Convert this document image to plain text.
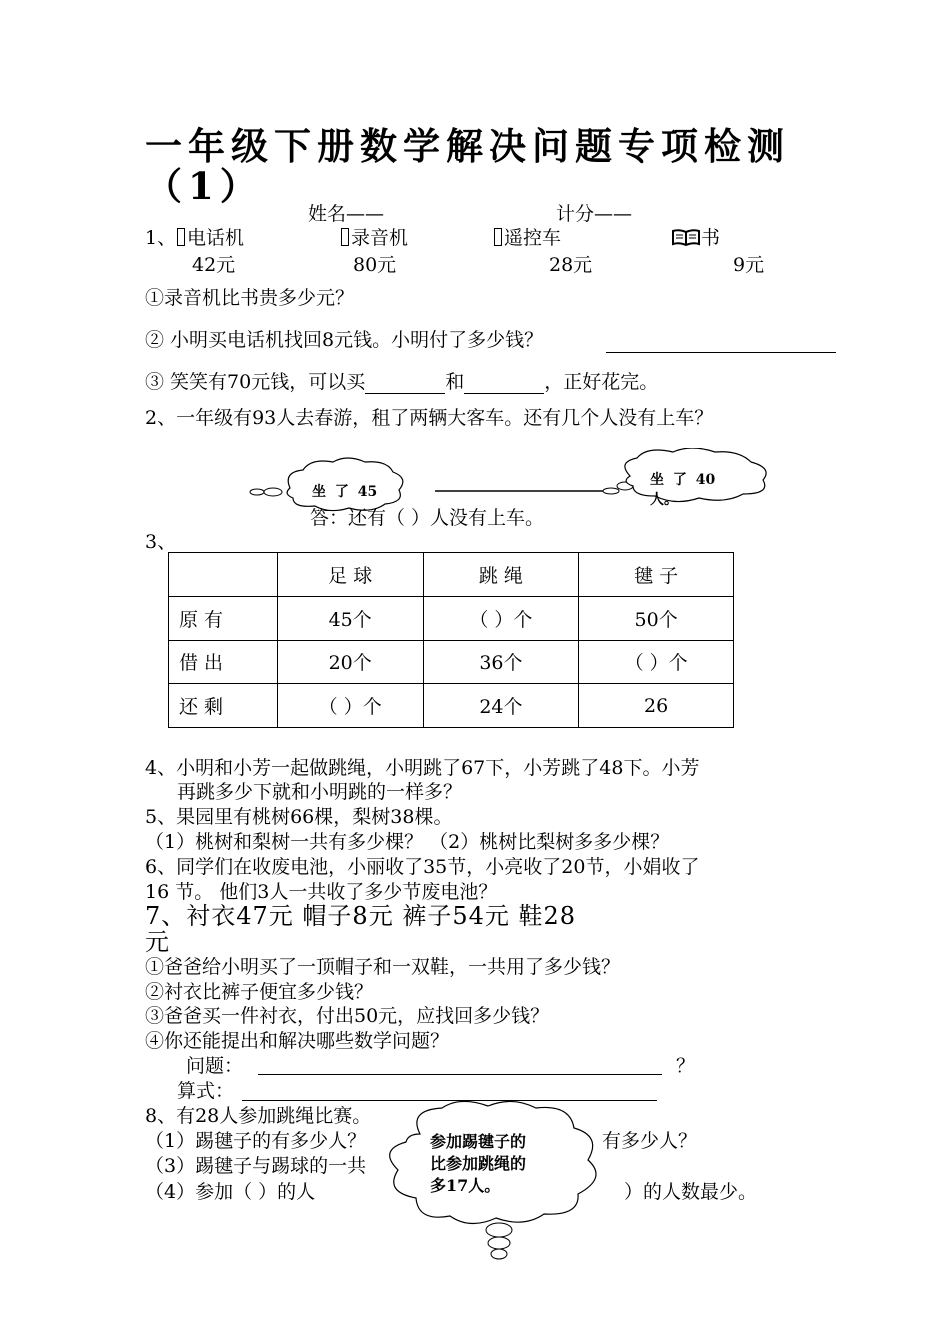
一年级下册数学解决问题专项检测
（1）
姓名——	计分——
1、 电话机	录音机	遥控车	书
42元	80元	28元	9元
①录音机比书贵多少元？
② 小明买电话机找回8元钱。小明付了多少钱？
③ 笑笑有70元钱，可以买	和	，正好花完。
2、一年级有93人去春游，租了两辆大客车。还有几个人没有上车？
坐 了 45
坐 了 40
人。
答：还有（ ）人没有上车。
3、
	足 球	跳 绳	毽 子
原 有	45个	（ ）个	50个
借 出	20个	36个	（ ）个
还 剩	（ ）个	24个	26
4、小明和小芳一起做跳绳，小明跳了67下，小芳跳了48下。小芳
再跳多少下就和小明跳的一样多？
5、果园里有桃树66棵，梨树38棵。
（1）桃树和梨树一共有多少棵？ （2）桃树比梨树多多少棵？
6、同学们在收废电池，小丽收了35节，小亮收了20节，小娟收了
16 节。 他们3人一共收了多少节废电池？
7、衬衣47元 帽子8元 裤子54元 鞋28
元
①爸爸给小明买了一顶帽子和一双鞋，一共用了多少钱？
②衬衣比裤子便宜多少钱？
③爸爸买一件衬衣，付出50元，应找回多少钱？
④你还能提出和解决哪些数学问题？
问题：	？
算式：
8、有28人参加跳绳比赛。
（1）踢毽子的有多少人？	有多少人？
（3）踢毽子与踢球的一共
（4）参加（ ）的人	）的人数最少。
参加踢毽子的
比参加跳绳的
多17人。
